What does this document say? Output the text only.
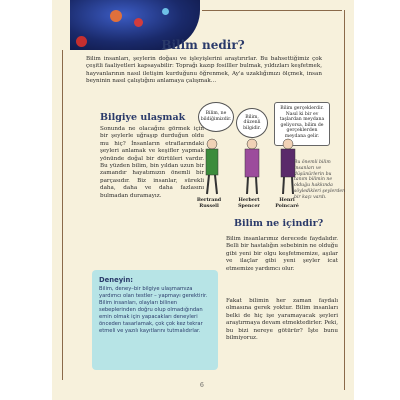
Bilim nedir?
Bilim insanları, şeylerin doğası ve işleyişlerini araştırırlar. Bu bahsettiğimiz çok çeşitli faaliyetleri kapsayabilir: Toprağı kazıp fosilller bulmak, yıldızları keşfetmek, hayvanlarının nasıl iletişim kurduğunu öğrenmek, Ay'a uzaklığımızı ölçmek, insan beyninin nasıl çalıştığını anlamaya çalışmak...
Bilgiye ulaşmak
Sonunda ne olacağını görmek için bir şeylerle uğraşıp durduğun oldu mu hiç? İnsanların etraflarındaki şeyleri anlamak ve keşifler yapmak yönünde doğal bir dürtüleri vardır. Bu yüzden bilim, bin yıldan uzun bir zamandır hayatımızın önemli bir parçasıdır. Biz insanlar, sürekli daha, daha ve daha fazlasını bulmadan duramayız.
Bilim, ne bildiğimizdir.	Bilim, düzenli bilgidir.
Bilim gerçeklerdir. Nasıl ki bir ev taşlardan meydana geliyorsa, bilim de gerçeklerden meydana gelir.
Bertrand Russell
Herbert Spencer
Henri Poincaré
Bu önemli bilim insanları ve düşünürlerin bu tanım bilimin ne olduğu hakkında söyledikleri şeylerden bir kaçı vardı.
Bilim ne içindir?
Bilim insanlarımız derecede faydalıdır. Belli bir hastalığın sebebinin ne olduğu gibi yeni bir olgu keşfetmemize, aşılar ve ilaçlar gibi yeni şeyler icat etmemize yardımcı olur.
Fakat bilimin her zaman faydalı olmasına gerek yoktur. Bilim insanları belki de hiç işe yaramayacak şeyleri araştırmaya devam etmektedirler. Peki, bu bizi nereye götürür? İşte bunu bilmiyoruz.
Deneyin:
Bilim, deney–bir bilgiye ulaşmamıza yardımcı olan testler – yapmayı gerektirir. Bilim insanları, olayları bilinen sebeplerinden doğru olup olmadığından emin olmak için yapacakları deneyleri önceden tasarlamak, çok çok kez tekrar etmeli ve yazılı kayıtlarını tutmalıdırlar.
6
